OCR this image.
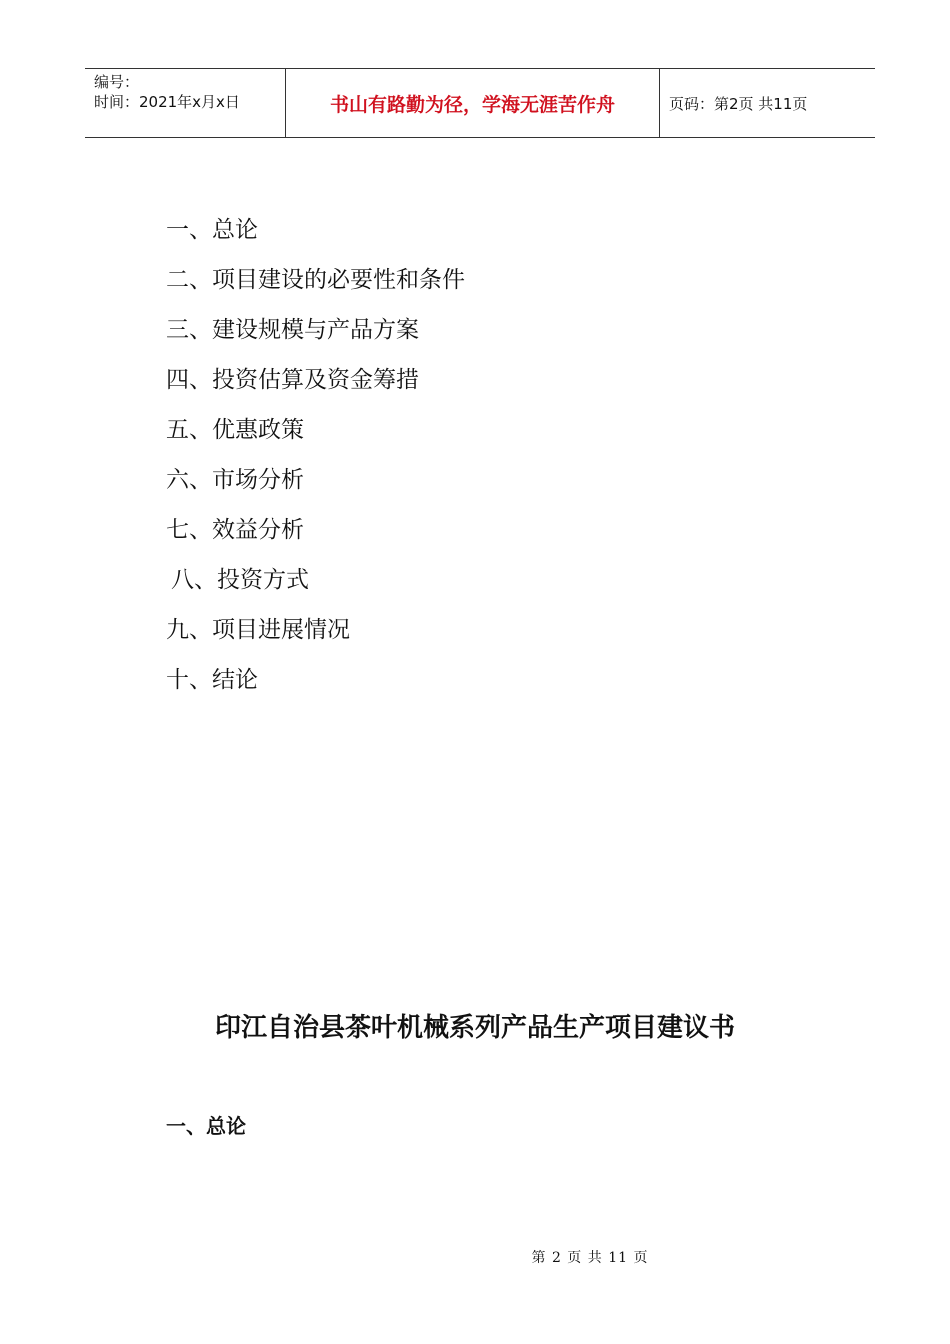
编号：
时间：2021年x月x日	书山有路勤为径，学海无涯苦作舟	页码：第2页 共11页
一、总论
二、项目建设的必要性和条件
三、建设规模与产品方案
四、投资估算及资金筹措
五、优惠政策
六、市场分析
七、效益分析
八、投资方式
九、项目进展情况
十、结论
印江自治县茶叶机械系列产品生产项目建议书
一、总论
第 2 页 共 11 页
